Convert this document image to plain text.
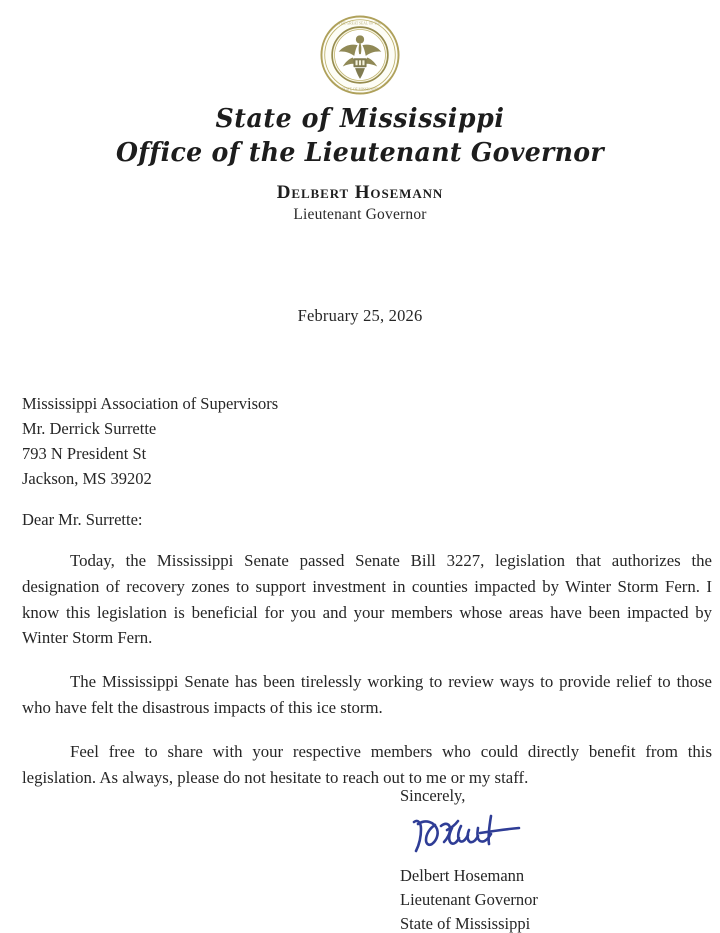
THE GREAT SEAL OF THE
STATE OF MISSISSIPPI
State of Mississippi
Office of the Lieutenant Governor
Delbert Hosemann
Lieutenant Governor
February 25, 2026
Mississippi Association of Supervisors
Mr. Derrick Surrette
793 N President St
Jackson, MS 39202
Dear Mr. Surrette:

Today, the Mississippi Senate passed Senate Bill 3227, legislation that authorizes the designation of recovery zones to support investment in counties impacted by Winter Storm Fern. I know this legislation is beneficial for you and your members whose areas have been impacted by Winter Storm Fern.

The Mississippi Senate has been tirelessly working to review ways to provide relief to those who have felt the disastrous impacts of this ice storm.

Feel free to share with your respective members who could directly benefit from this legislation. As always, please do not hesitate to reach out to me or my staff.

Sincerely,
Delbert Hosemann
Lieutenant Governor
State of Mississippi
